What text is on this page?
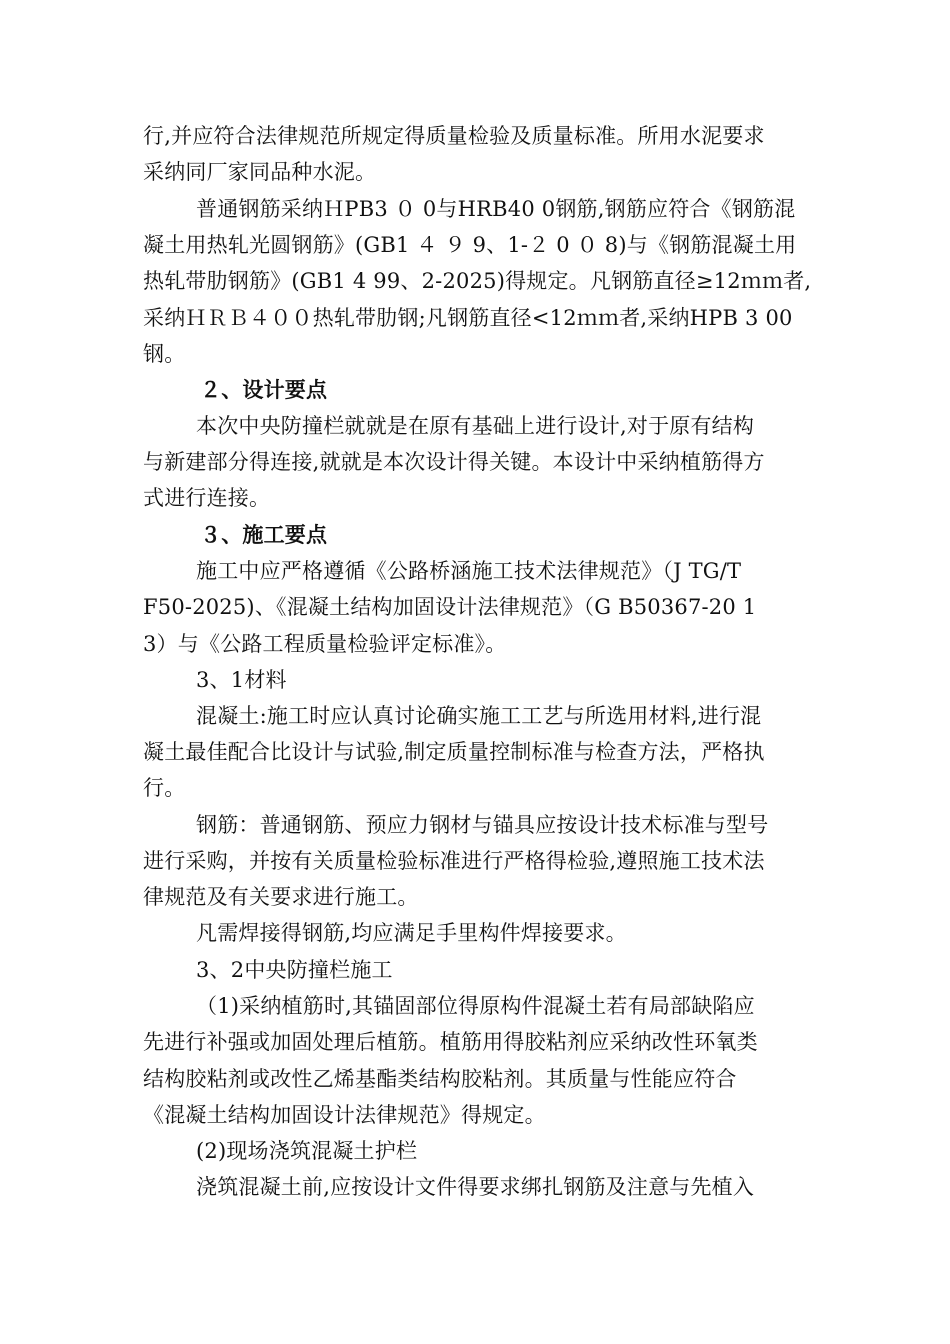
行,并应符合法律规范所规定得质量检验及质量标准。所用水泥要求
采纳同厂家同品种水泥。
普通钢筋采纳ＨPB3 ０ 0与HRB40 0钢筋,钢筋应符合《钢筋混
凝土用热轧光圆钢筋》(GB1 ４ ９ 9、1-２ 0 ０ 8)与《钢筋混凝土用
热轧带肋钢筋》(GB1 4 99、2-2025)得规定。凡钢筋直径≥12ｍｍ者,
采纳ＨＲＢ４００热轧带肋钢;凡钢筋直径<12ｍｍ者,采纳HPB 3 00
钢。
２、设计要点
本次中央防撞栏就就是在原有基础上进行设计,对于原有结构
与新建部分得连接,就就是本次设计得关键。本设计中采纳植筋得方
式进行连接。
３、施工要点
施工中应严格遵循《公路桥涵施工技术法律规范》（J TG/T
F50-2025)、《混凝土结构加固设计法律规范》（G B50367-20 1
3）与《公路工程质量检验评定标准》。
3、1材料
混凝土:施工时应认真讨论确实施工工艺与所选用材料,进行混
凝土最佳配合比设计与试验,制定质量控制标准与检查方法，严格执
行。
钢筋：普通钢筋、预应力钢材与锚具应按设计技术标准与型号
进行采购，并按有关质量检验标准进行严格得检验,遵照施工技术法
律规范及有关要求进行施工。
凡需焊接得钢筋,均应满足手里构件焊接要求。
3、2中央防撞栏施工
（1)采纳植筋时,其锚固部位得原构件混凝土若有局部缺陷应
先进行补强或加固处理后植筋。植筋用得胶粘剂应采纳改性环氧类
结构胶粘剂或改性乙烯基酯类结构胶粘剂。其质量与性能应符合
《混凝土结构加固设计法律规范》得规定。
(2)现场浇筑混凝土护栏
浇筑混凝土前,应按设计文件得要求绑扎钢筋及注意与先植入
